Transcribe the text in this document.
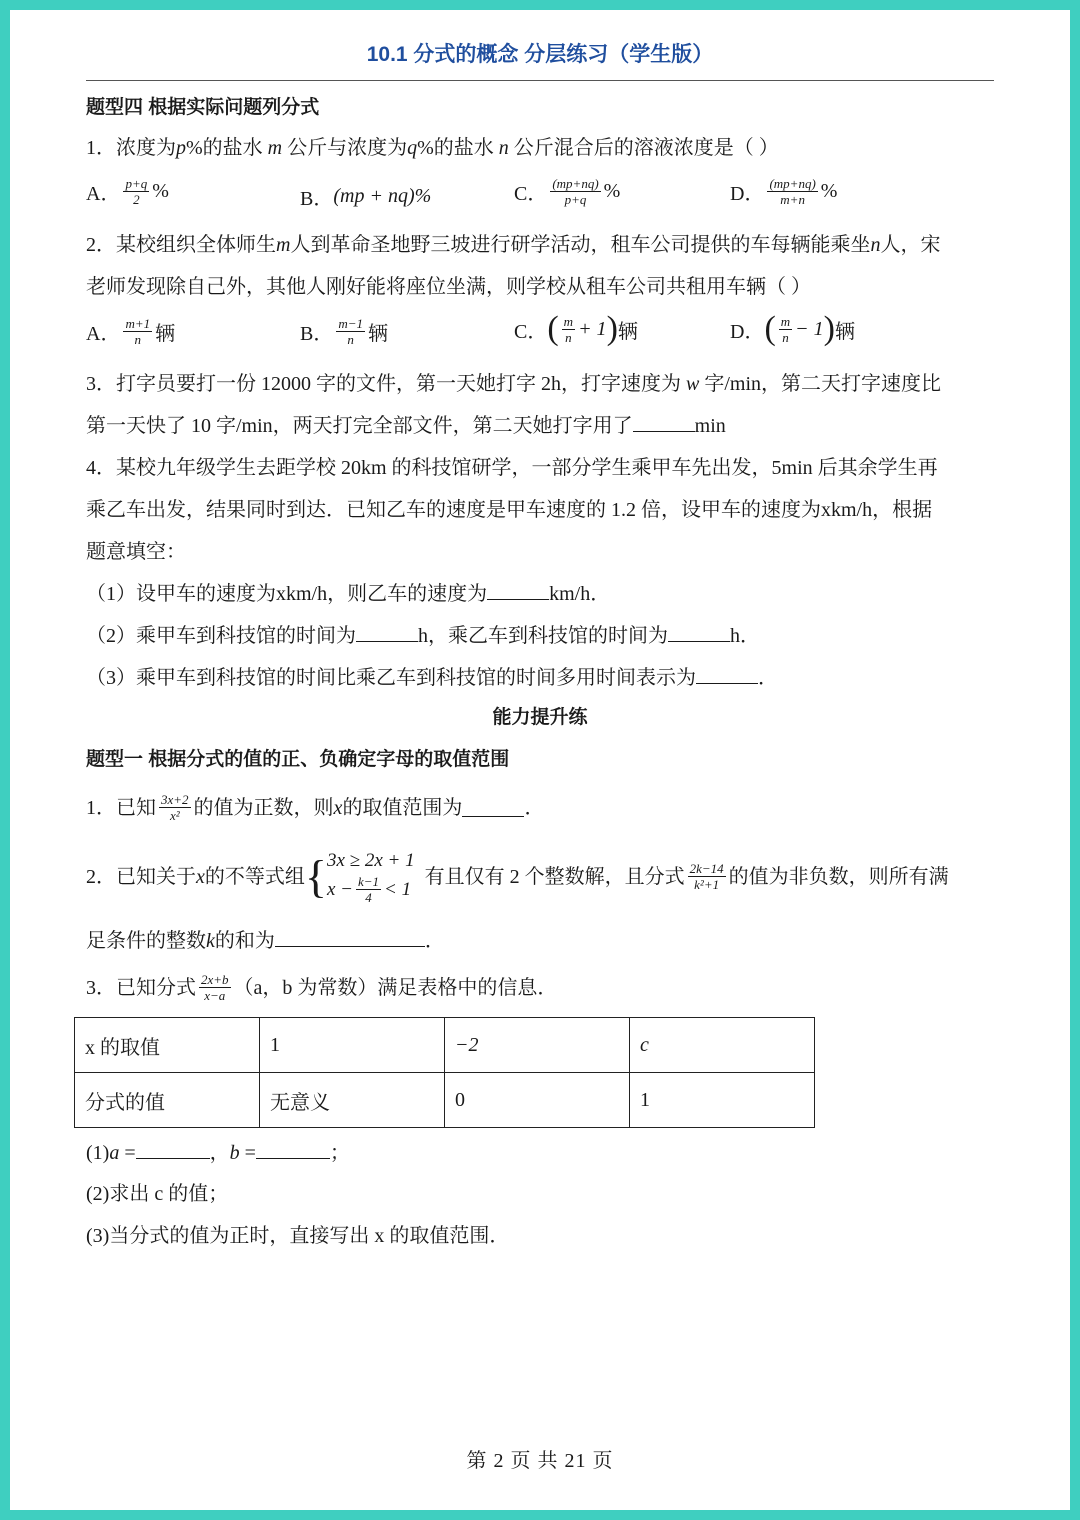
10.1 分式的概念 分层练习（学生版）
题型四 根据实际问题列分式
1．浓度为p%的盐水 m 公斤与浓度为q%的盐水 n 公斤混合后的溶液浓度是（ ）
A． $\frac{p+q}{2}$ %	B． (mp + nq)%	C． $\frac{(mp+nq)}{p+q}$ %	D． $\frac{(mp+nq)}{m+n}$ %
2．某校组织全体师生m人到革命圣地野三坡进行研学活动，租车公司提供的车每辆能乘坐n人，宋
老师发现除自己外，其他人刚好能将座位坐满，则学校从租车公司共租用车辆（ ）
A． $\frac{m+1}{n}$ 辆	B． $\frac{m-1}{n}$ 辆	C． ( $\frac{m}{n} + 1$ ) 辆	D． ( $\frac{m}{n} - 1$ ) 辆
3．打字员要打一份 12000 字的文件，第一天她打字 2h，打字速度为 w 字/min，第二天打字速度比
第一天快了 10 字/min，两天打完全部文件，第二天她打字用了	min
4．某校九年级学生去距学校 20km 的科技馆研学，一部分学生乘甲车先出发，5min 后其余学生再
乘乙车出发，结果同时到达．已知乙车的速度是甲车速度的 1.2 倍，设甲车的速度为xkm/h，根据
题意填空：
（1）设甲车的速度为xkm/h，则乙车的速度为	km/h．
（2）乘甲车到科技馆的时间为	h，乘乙车到科技馆的时间为	h．
（3）乘甲车到科技馆的时间比乘乙车到科技馆的时间多用时间表示为	．
能力提升练
题型一 根据分式的值的正、负确定字母的取值范围
1．已知 $\frac{3x+2}{\text{x²}}$ 的值为正数，则 x 的取值范围为	．
2．已知关于 x 的不等式组 { 3x ≥ 2x + 1
$x - \frac{k-1}{4} < 1$
有且仅有 2 个整数解，且分式 $\frac{2k-14}{\text{k²+1}}$ 的值为非负数，则所有满
足条件的整数k的和为	．
3．已知分式 $\frac{2x+b}{x-a} (a$，b 为常数）满足表格中的信息．
x 的取值	1	−2	c
分式的值	无意义	0	1
(1)a =	，b =	；
(2)求出 c 的值；
(3)当分式的值为正时，直接写出 x 的取值范围．
第 2 页 共 21 页
